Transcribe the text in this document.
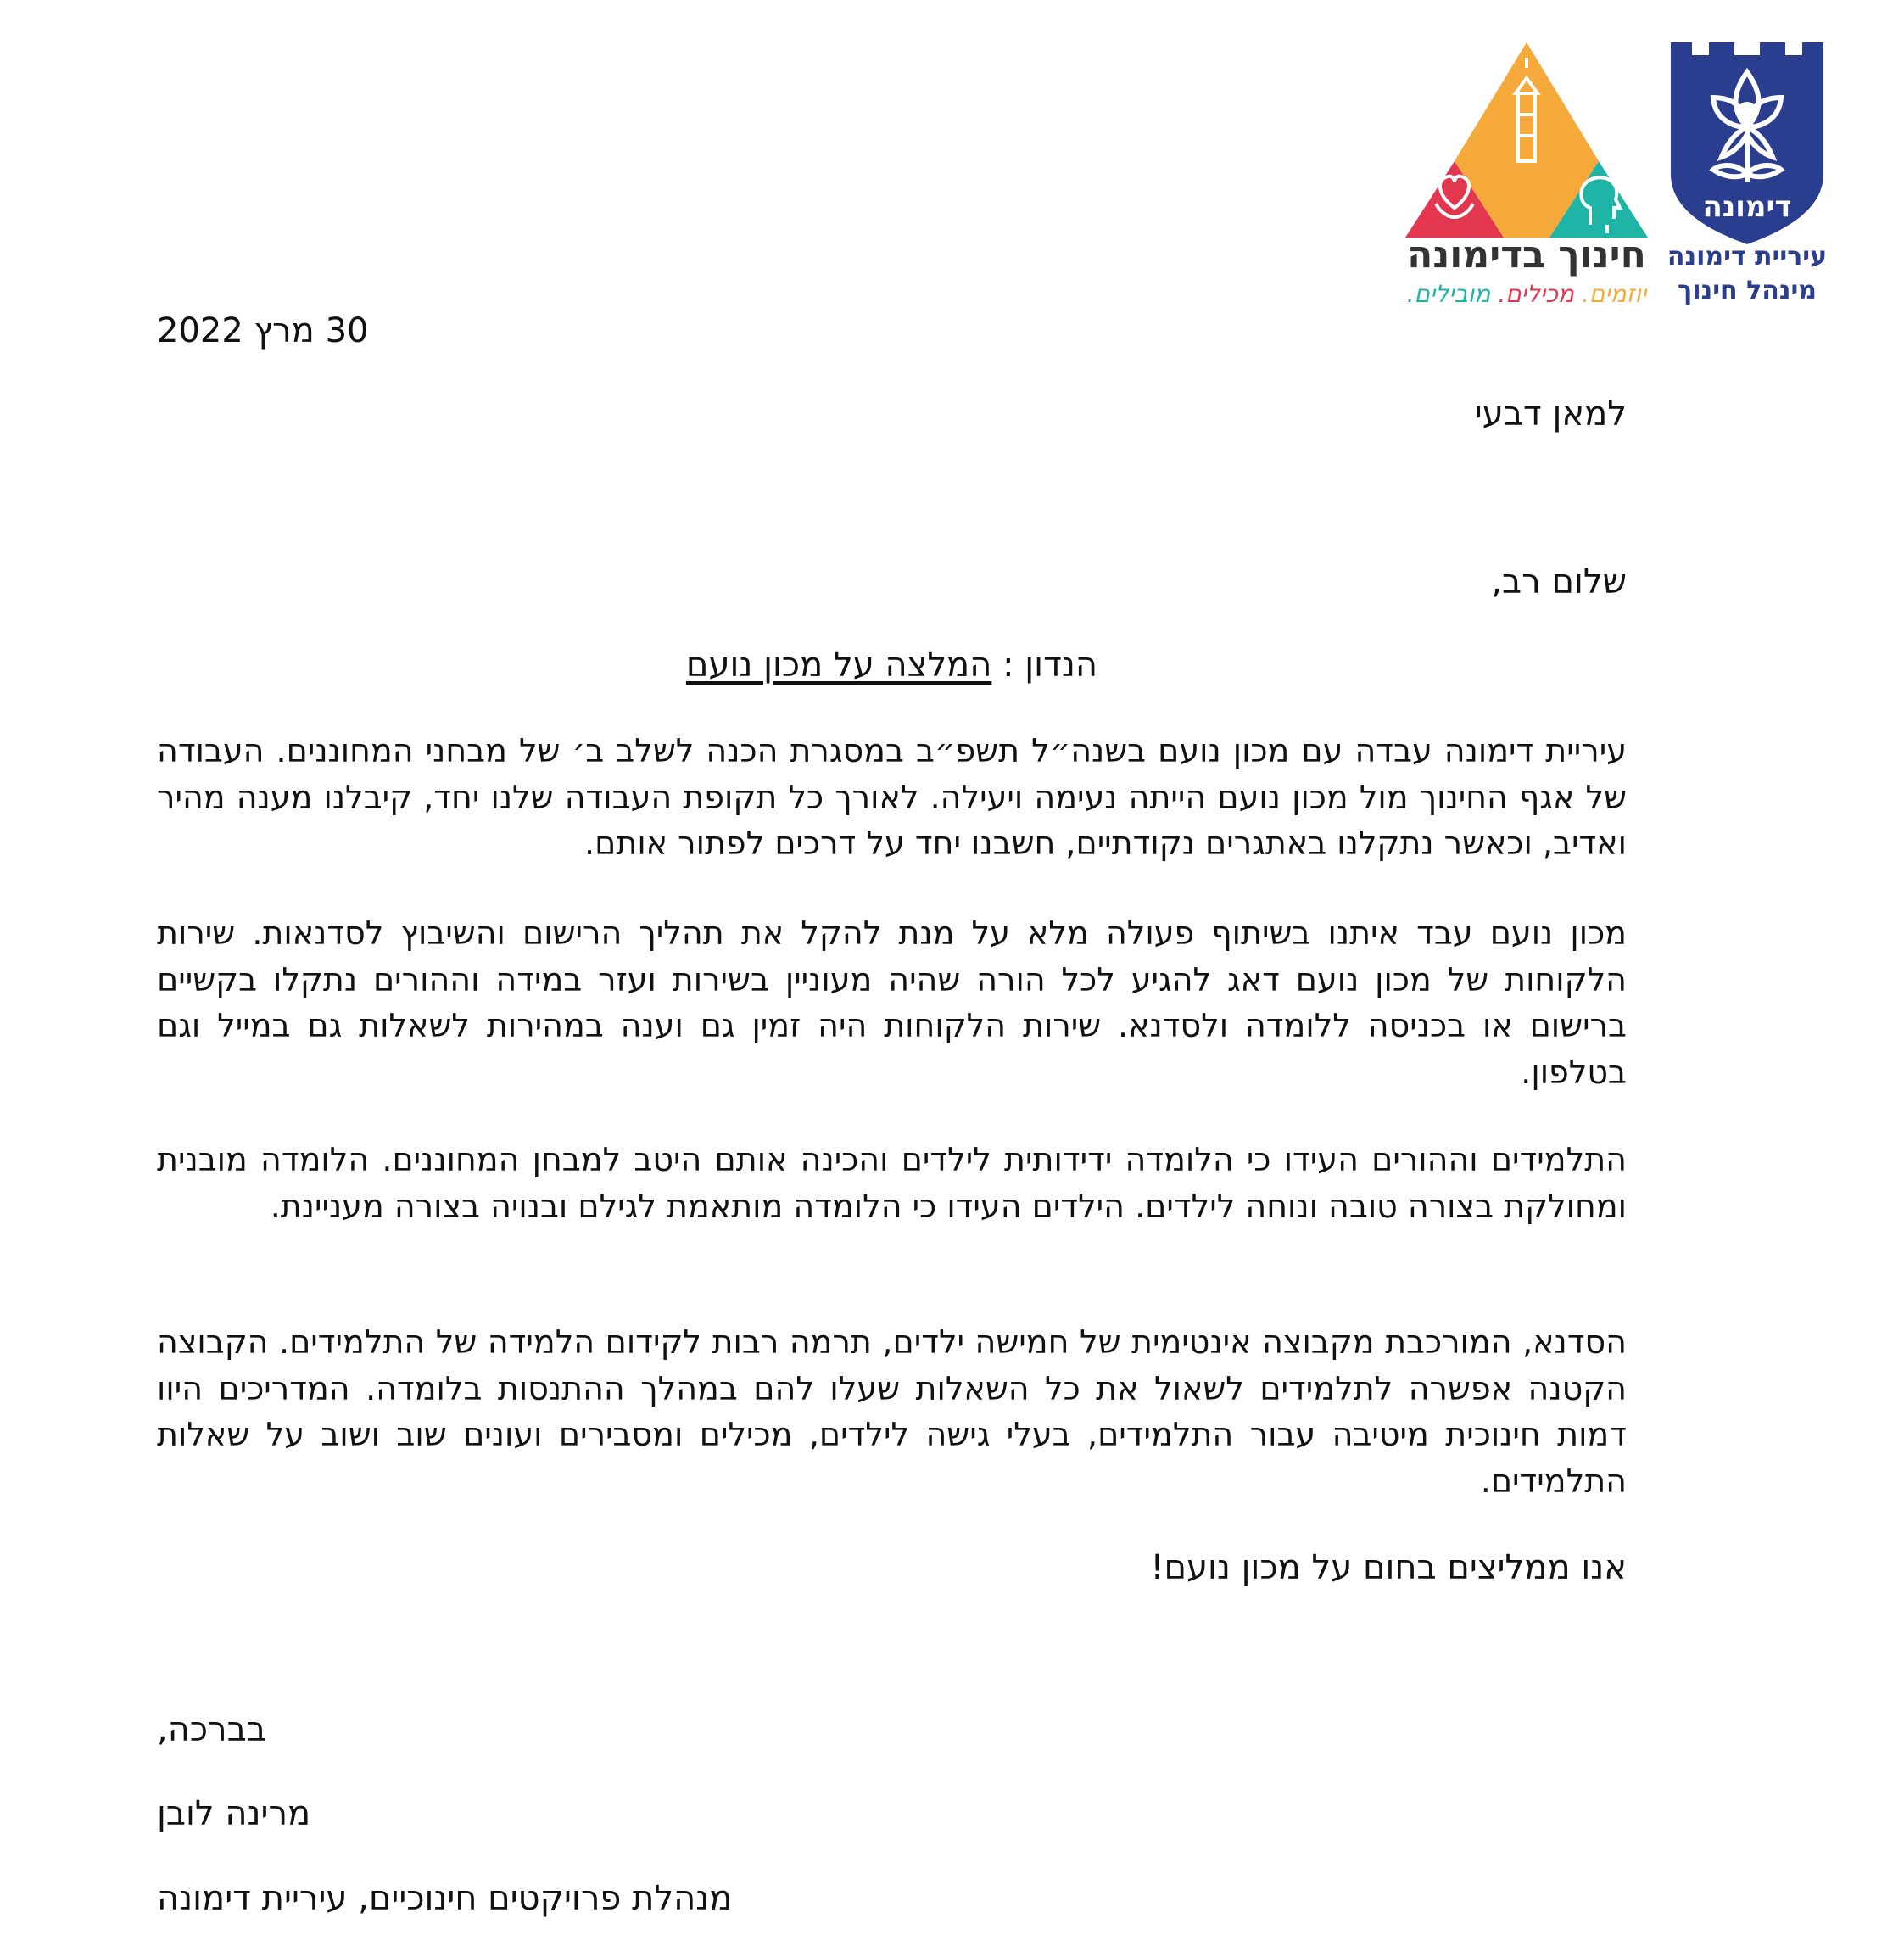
חינוך בדימונה
יוזמים. מכילים. מובילים.
דימונה
עיריית דימונה
מינהל חינוך
30 מרץ 2022
למאן דבעי
שלום רב,
הנדון : המלצה על מכון נועם
עיריית דימונה עבדה עם מכון נועם בשנה״ל תשפ״ב במסגרת הכנה לשלב ב׳ של מבחני המחוננים. העבודה של אגף החינוך מול מכון נועם הייתה נעימה ויעילה. לאורך כל תקופת העבודה שלנו יחד, קיבלנו מענה מהיר ואדיב, וכאשר נתקלנו באתגרים נקודתיים, חשבנו יחד על דרכים לפתור אותם.
מכון נועם עבד איתנו בשיתוף פעולה מלא על מנת להקל את תהליך הרישום והשיבוץ לסדנאות. שירות הלקוחות של מכון נועם דאג להגיע לכל הורה שהיה מעוניין בשירות ועזר במידה וההורים נתקלו בקשיים ברישום או בכניסה ללומדה ולסדנא. שירות הלקוחות היה זמין גם וענה במהירות לשאלות גם במייל וגם בטלפון.
התלמידים וההורים העידו כי הלומדה ידידותית לילדים והכינה אותם היטב למבחן המחוננים. הלומדה מובנית ומחולקת בצורה טובה ונוחה לילדים. הילדים העידו כי הלומדה מותאמת לגילם ובנויה בצורה מעניינת.
הסדנא, המורכבת מקבוצה אינטימית של חמישה ילדים, תרמה רבות לקידום הלמידה של התלמידים. הקבוצה הקטנה אפשרה לתלמידים לשאול את כל השאלות שעלו להם במהלך ההתנסות בלומדה. המדריכים היוו דמות חינוכית מיטיבה עבור התלמידים, בעלי גישה לילדים, מכילים ומסבירים ועונים שוב ושוב על שאלות התלמידים.
אנו ממליצים בחום על מכון נועם!
בברכה,
מרינה לובן
מנהלת פרויקטים חינוכיים, עיריית דימונה
